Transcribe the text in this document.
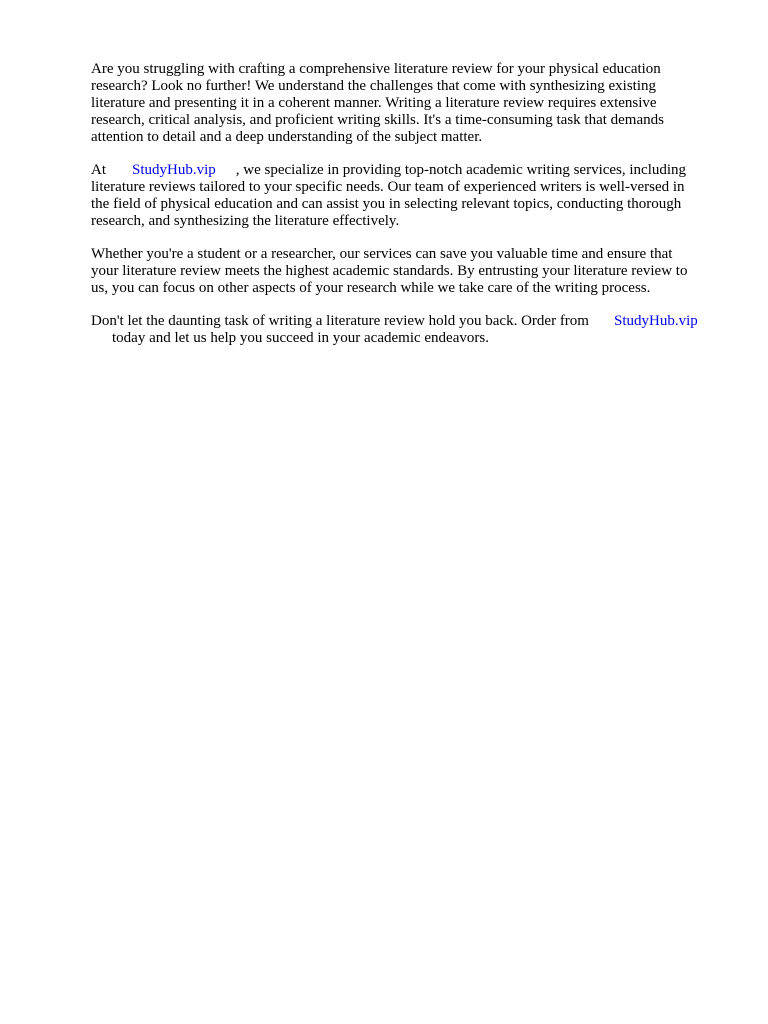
Are you struggling with crafting a comprehensive literature review for your physical education
research? Look no further! We understand the challenges that come with synthesizing existing
literature and presenting it in a coherent manner. Writing a literature review requires extensive
research, critical analysis, and proficient writing skills. It's a time-consuming task that demands
attention to detail and a deep understanding of the subject matter.

At StudyHub.vip , we specialize in providing top-notch academic writing services, including
literature reviews tailored to your specific needs. Our team of experienced writers is well-versed in
the field of physical education and can assist you in selecting relevant topics, conducting thorough
research, and synthesizing the literature effectively.

Whether you're a student or a researcher, our services can save you valuable time and ensure that
your literature review meets the highest academic standards. By entrusting your literature review to
us, you can focus on other aspects of your research while we take care of the writing process.

Don't let the daunting task of writing a literature review hold you back. Order from StudyHub.vip
today and let us help you succeed in your academic endeavors.
